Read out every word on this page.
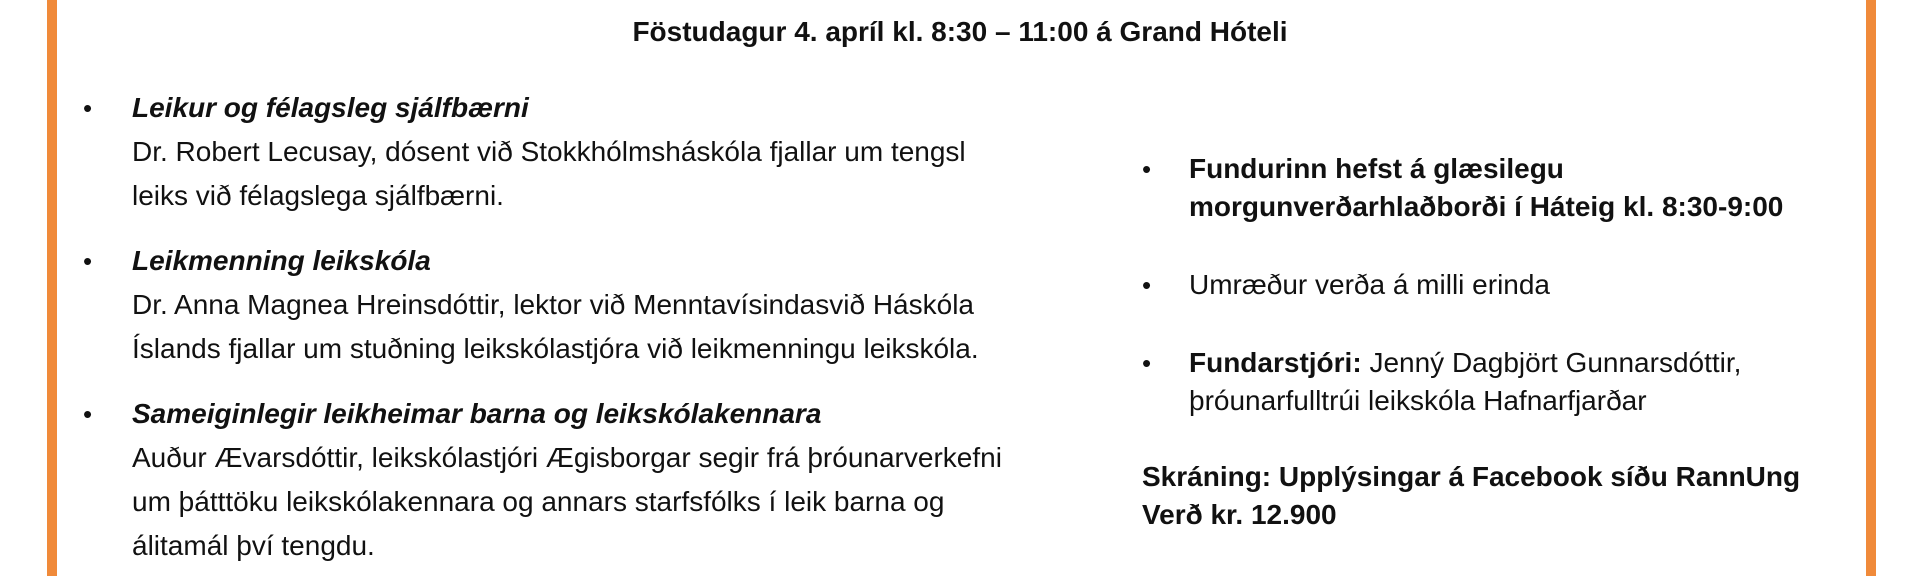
Föstudagur 4. apríl kl. 8:30 – 11:00 á Grand Hóteli
• Leikur og félagsleg sjálfbærni
Dr. Robert Lecusay, dósent við Stokkhólmsháskóla fjallar um tengsl
leiks við félagslega sjálfbærni.
• Leikmenning leikskóla
Dr. Anna Magnea Hreinsdóttir, lektor við Menntavísindasvið Háskóla
Íslands fjallar um stuðning leikskólastjóra við leikmenningu leikskóla.
• Sameiginlegir leikheimar barna og leikskólakennara
Auður Ævarsdóttir, leikskólastjóri Ægisborgar segir frá þróunarverkefni
um þátttöku leikskólakennara og annars starfsfólks í leik barna og
álitamál því tengdu.
• Fundurinn hefst á glæsilegu
morgunverðarhlaðborði í Háteig kl. 8:30-9:00
• Umræður verða á milli erinda
• Fundarstjóri: Jenný Dagbjört Gunnarsdóttir,
þróunarfulltrúi leikskóla Hafnarfjarðar
Skráning: Upplýsingar á Facebook síðu RannUng
Verð kr. 12.900
